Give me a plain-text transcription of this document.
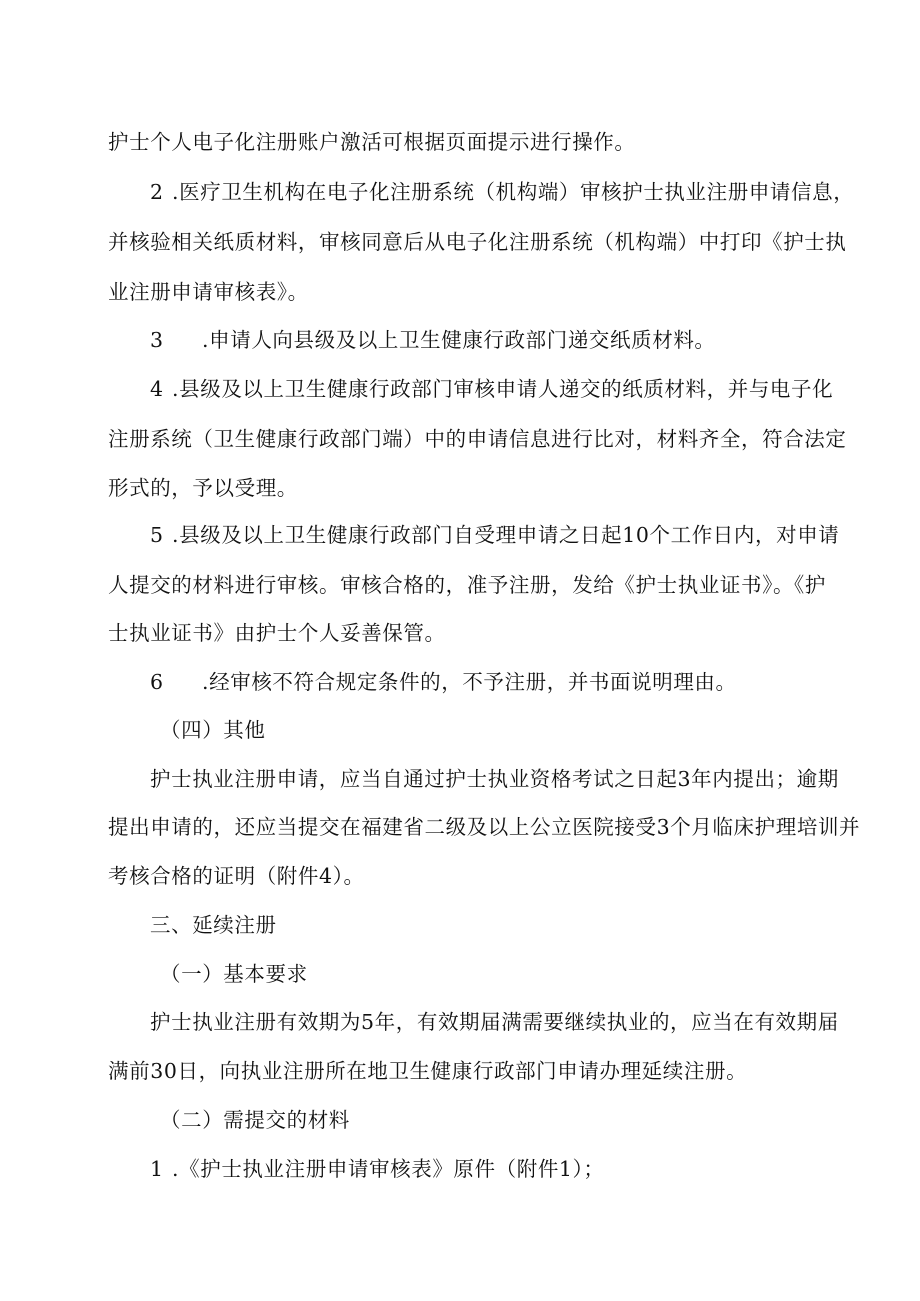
护士个人电子化注册账户激活可根据页面提示进行操作。
2 .医疗卫生机构在电子化注册系统（机构端）审核护士执业注册申请信息，
并核验相关纸质材料，审核同意后从电子化注册系统（机构端）中打印《护士执
业注册申请审核表》。
3 .申请人向县级及以上卫生健康行政部门递交纸质材料。
4 .县级及以上卫生健康行政部门审核申请人递交的纸质材料，并与电子化
注册系统（卫生健康行政部门端）中的申请信息进行比对，材料齐全，符合法定
形式的，予以受理。
5 .县级及以上卫生健康行政部门自受理申请之日起10个工作日内，对申请
人提交的材料进行审核。审核合格的，准予注册，发给《护士执业证书》。《护
士执业证书》由护士个人妥善保管。
6 .经审核不符合规定条件的，不予注册，并书面说明理由。
（四）其他
护士执业注册申请，应当自通过护士执业资格考试之日起3年内提出；逾期
提出申请的，还应当提交在福建省二级及以上公立医院接受3个月临床护理培训并
考核合格的证明（附件4）。
三、延续注册
（一）基本要求
护士执业注册有效期为5年，有效期届满需要继续执业的，应当在有效期届
满前30日，向执业注册所在地卫生健康行政部门申请办理延续注册。
（二）需提交的材料
1 .《护士执业注册申请审核表》原件（附件1）；
